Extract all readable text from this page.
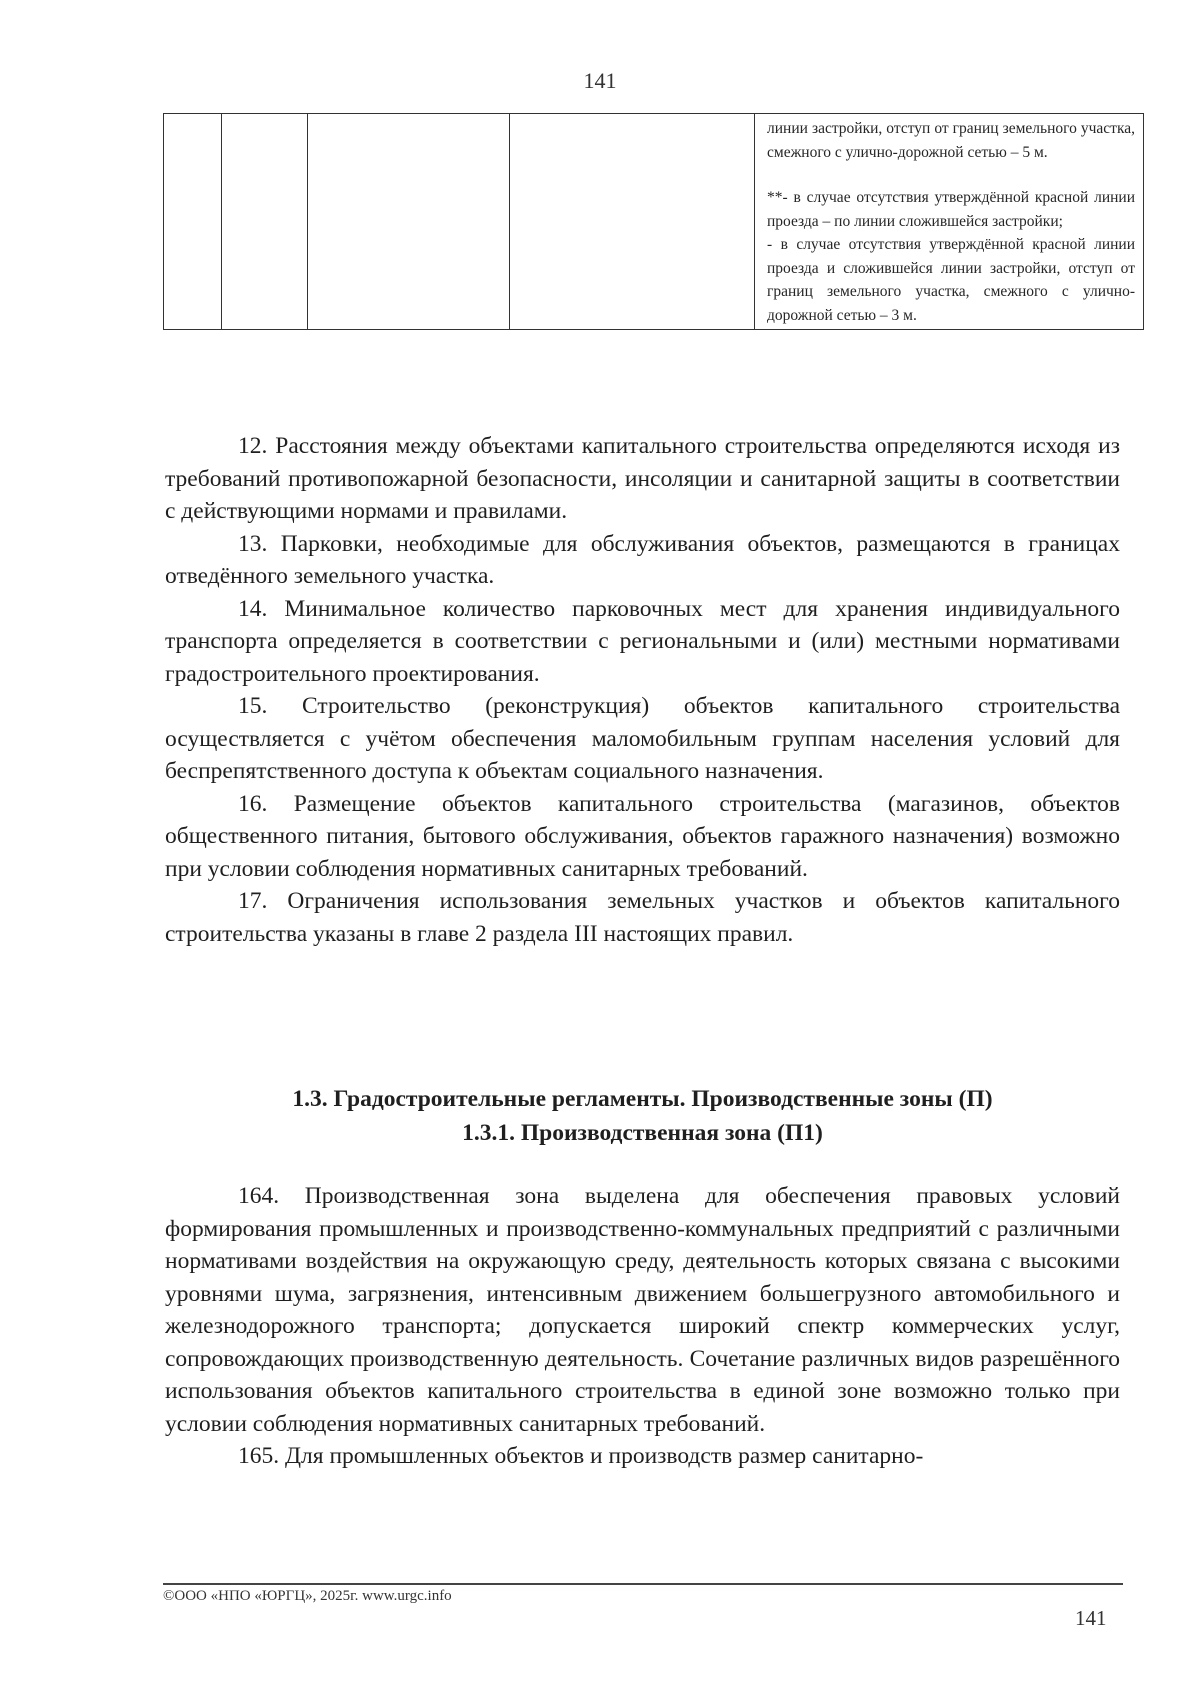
141

линии застройки, отступ от границ земельного участка, смежного с улично-дорожной сетью – 5 м.

**- в случае отсутствия утверждённой красной линии проезда – по линии сложившейся застройки;

- в случае отсутствия утверждённой красной линии проезда и сложившейся линии застройки, отступ от границ земельного участка, смежного с улично-дорожной сетью – 3 м.

12. Расстояния между объектами капитального строительства определяются исходя из требований противопожарной безопасности, инсоляции и санитарной защиты в соответствии с действующими нормами и правилами.

13. Парковки, необходимые для обслуживания объектов, размещаются в границах отведённого земельного участка.

14. Минимальное количество парковочных мест для хранения индивидуального транспорта определяется в соответствии с региональными и (или) местными нормативами градостроительного проектирования.

15. Строительство (реконструкция) объектов капитального строительства осуществляется с учётом обеспечения маломобильным группам населения условий для беспрепятственного доступа к объектам социального назначения.

16. Размещение объектов капитального строительства (магазинов, объектов общественного питания, бытового обслуживания, объектов гаражного назначения) возможно при условии соблюдения нормативных санитарных требований.

17. Ограничения использования земельных участков и объектов капитального строительства указаны в главе 2 раздела III настоящих правил.

1.3. Градостроительные регламенты. Производственные зоны (П)
1.3.1. Производственная зона (П1)

164. Производственная зона выделена для обеспечения правовых условий формирования промышленных и производственно-коммунальных предприятий с различными нормативами воздействия на окружающую среду, деятельность которых связана с высокими уровнями шума, загрязнения, интенсивным движением большегрузного автомобильного и железнодорожного транспорта; допускается широкий спектр коммерческих услуг, сопровождающих производственную деятельность. Сочетание различных видов разрешённого использования объектов капитального строительства в единой зоне возможно только при условии соблюдения нормативных санитарных требований.

165. Для промышленных объектов и производств размер санитарно-

©ООО «НПО «ЮРГЦ», 2025г. www.urgc.info
141
